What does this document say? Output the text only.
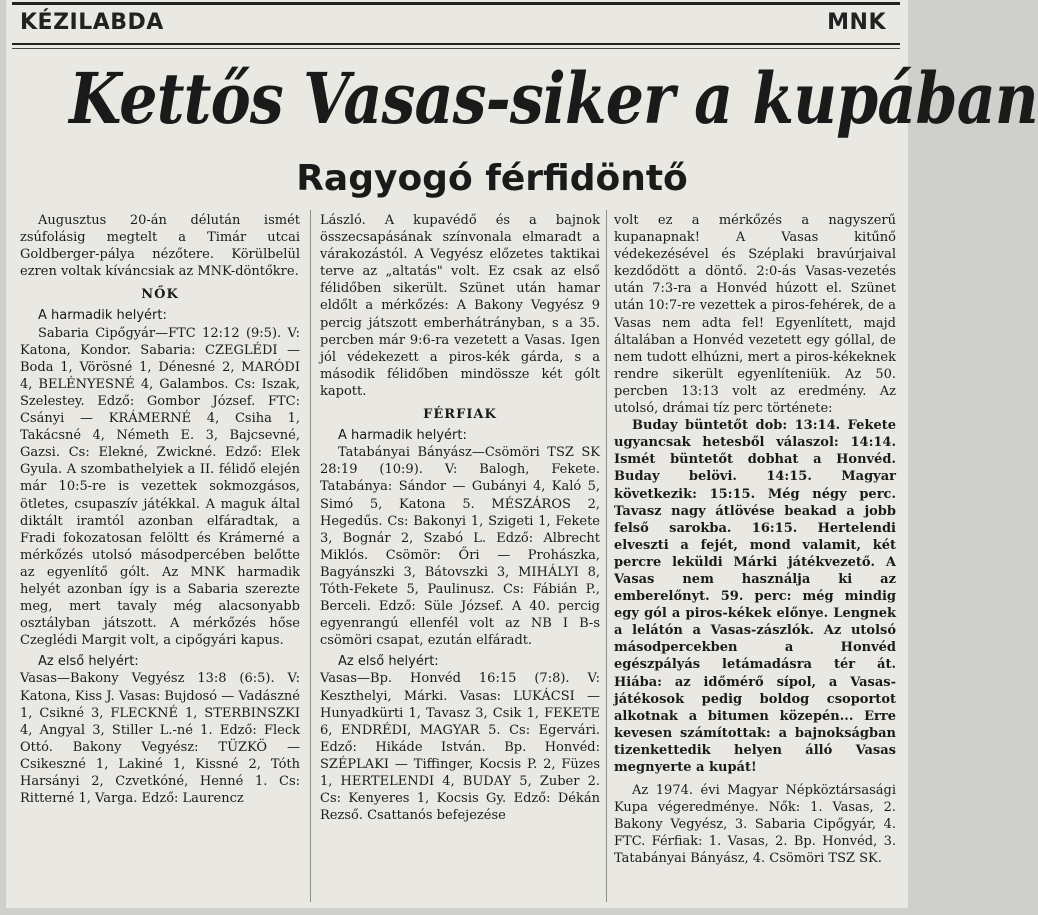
KÉZILABDA	MNK
Kettős Vasas-siker a kupában
Ragyogó férfidöntő

Augusztus 20-án délután ismét zsúfolásig megtelt a Timár utcai Goldberger-pálya nézőtere. Körülbelül ezren voltak kíváncsiak az MNK-döntőkre.

NŐK

A harmadik helyért:

Sabaria Cipőgyár—FTC 12:12 (9:5). V: Katona, Kondor. Sabaria: CZEGLÉDI — Boda 1, Vörösné 1, Dénesné 2, MARÓDI 4, BELÉNYESNÉ 4, Galambos. Cs: Iszak, Szelestey. Edző: Gombor József. FTC: Csányi — KRÁMERNÉ 4, Csiha 1, Takácsné 4, Németh E. 3, Bajcsevné, Gazsi. Cs: Elekné, Zwickné. Edző: Elek Gyula. A szombathelyiek a II. félidő elején már 10:5-re is vezettek sokmozgásos, ötletes, csupaszív játékkal. A maguk által diktált iramtól azonban elfáradtak, a Fradi fokozatosan felöltt és Krámerné a mérkőzés utolsó másodpercében belőtte az egyenlítő gólt. Az MNK harmadik helyét azonban így is a Sabaria szerezte meg, mert tavaly még alacsonyabb osztályban játszott. A mérkőzés hőse Czeglédi Margit volt, a cipőgyári kapus.

Az első helyért:

Vasas—Bakony Vegyész 13:8 (6:5). V: Katona, Kiss J. Vasas: Bujdosó — Vadászné 1, Csikné 3, FLECKNÉ 1, STERBINSZKI 4, Angyal 3, Stiller L.-né 1. Edző: Fleck Ottó. Bakony Vegyész: TÜZKÖ — Csikeszné 1, Lakiné 1, Kissné 2, Tóth Harsányi 2, Czvetkóné, Henné 1. Cs: Ritterné 1, Varga. Edző: Laurencz

László. A kupavédő és a bajnok összecsapásának színvonala elmaradt a várakozástól. A Vegyész előzetes taktikai terve az „altatás" volt. Ez csak az első félidőben sikerült. Szünet után hamar eldőlt a mérkőzés: A Bakony Vegyész 9 percig játszott emberhátrányban, s a 35. percben már 9:6-ra vezetett a Vasas. Igen jól védekezett a piros-kék gárda, s a második félidőben mindössze két gólt kapott.

FÉRFIAK

A harmadik helyért:

Tatabányai Bányász—Csömöri TSZ SK 28:19 (10:9). V: Balogh, Fekete. Tatabánya: Sándor — Gubányi 4, Kaló 5, Simó 5, Katona 5. MÉSZÁROS 2, Hegedűs. Cs: Bakonyi 1, Szigeti 1, Fekete 3, Bognár 2, Szabó L. Edző: Albrecht Miklós. Csömör: Őri — Prohászka, Bagyánszki 3, Bátovszki 3, MIHÁLYI 8, Tóth-Fekete 5, Paulinusz. Cs: Fábián P., Berceli. Edző: Süle József. A 40. percig egyenrangú ellenfél volt az NB I B-s csömöri csapat, ezután elfáradt.

Az első helyért:

Vasas—Bp. Honvéd 16:15 (7:8). V: Keszthelyi, Márki. Vasas: LUKÁCSI — Hunyadkürti 1, Tavasz 3, Csik 1, FEKETE 6, ENDRÉDI, MAGYAR 5. Cs: Egervári. Edző: Hikáde István. Bp. Honvéd: SZÉPLAKI — Tiffinger, Kocsis P. 2, Füzes 1, HERTELENDI 4, BUDAY 5, Zuber 2. Cs: Kenyeres 1, Kocsis Gy. Edző: Dékán Rezső. Csattanós befejezése

volt ez a mérkőzés a nagyszerű kupanapnak! A Vasas kitűnő védekezésével és Széplaki bravúrjaival kezdődött a döntő. 2:0-ás Vasas-vezetés után 7:3-ra a Honvéd húzott el. Szünet után 10:7-re vezettek a piros-fehérek, de a Vasas nem adta fel! Egyenlített, majd általában a Honvéd vezetett egy góllal, de nem tudott elhúzni, mert a piros-kékeknek rendre sikerült egyenlíteniük. Az 50. percben 13:13 volt az eredmény. Az utolsó, drámai tíz perc története:

Buday büntetőt dob: 13:14. Fekete ugyancsak hetesből válaszol: 14:14. Ismét büntetőt dobhat a Honvéd. Buday belövi. 14:15. Magyar következik: 15:15. Még négy perc. Tavasz nagy átlövése beakad a jobb felső sarokba. 16:15. Hertelendi elveszti a fejét, mond valamit, két percre leküldi Márki játékvezető. A Vasas nem használja ki az emberelőnyt. 59. perc: még mindig egy gól a piros-kékek előnye. Lengnek a lelátón a Vasas-zászlók. Az utolsó másodpercekben a Honvéd egészpályás letámadásra tér át. Hiába: az időmérő sípol, a Vasas-játékosok pedig boldog csoportot alkotnak a bitumen közepén... Erre kevesen számítottak: a bajnokságban tizenkettedik helyen álló Vasas megnyerte a kupát!

Az 1974. évi Magyar Népköztársasági Kupa végeredménye. Nők: 1. Vasas, 2. Bakony Vegyész, 3. Sabaria Cipőgyár, 4. FTC. Férfiak: 1. Vasas, 2. Bp. Honvéd, 3. Tatabányai Bányász, 4. Csömöri TSZ SK.
